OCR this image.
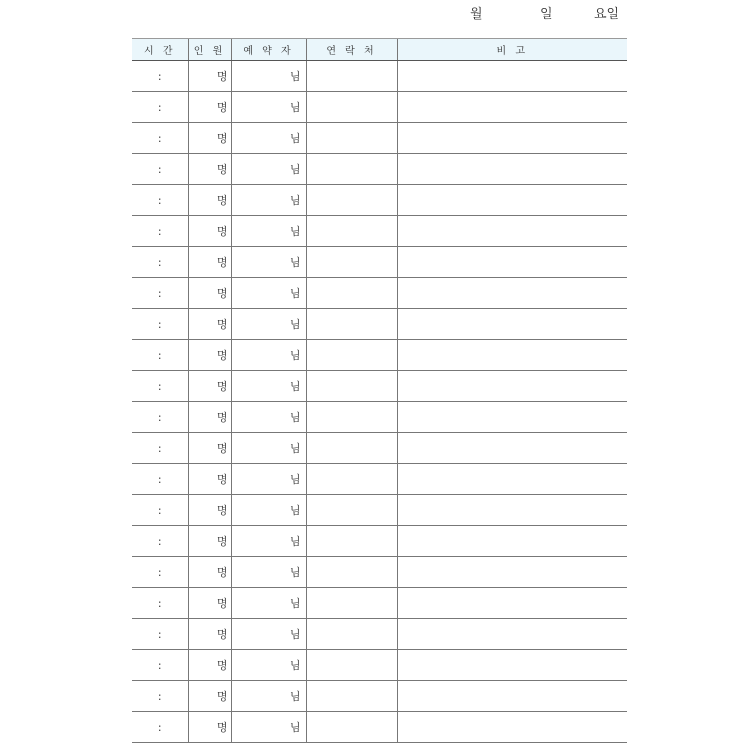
월	일	요일
시 간	인 원	예 약 자	연 락 처	비 고
:	명	님		
:	명	님		
:	명	님		
:	명	님		
:	명	님		
:	명	님		
:	명	님		
:	명	님		
:	명	님		
:	명	님		
:	명	님		
:	명	님		
:	명	님		
:	명	님		
:	명	님		
:	명	님		
:	명	님		
:	명	님		
:	명	님		
:	명	님		
:	명	님		
:	명	님		
